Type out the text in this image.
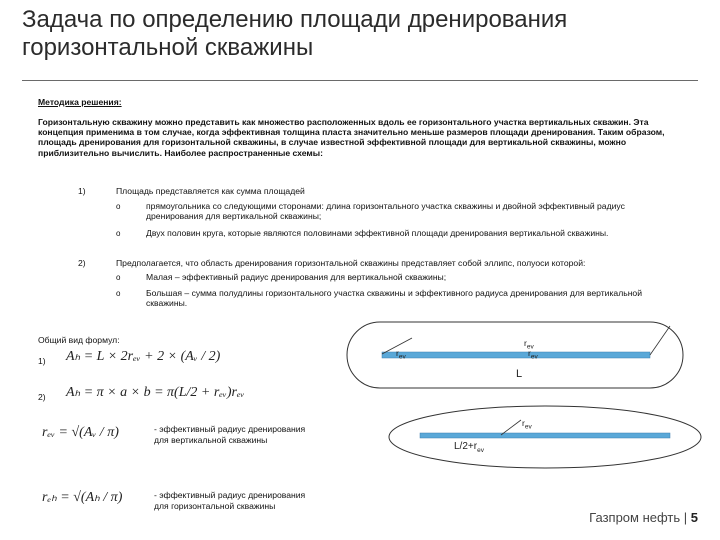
Задача по определению площади дренирования горизонтальной скважины
Методика решения:
Горизонтальную скважину можно представить как множество расположенных вдоль ее горизонтального участка вертикальных скважин. Эта концепция применима в том случае, когда эффективная толщина пласта значительно меньше размеров площади дренирования. Таким образом, площадь дренирования для горизонтальной скважины, в случае известной эффективной площади для вертикальной скважины, можно приблизительно вычислить. Наиболее распространенные схемы:
1)	Площадь представляется как сумма площадей
o	прямоугольника со следующими сторонами: длина горизонтального участка скважины и двойной эффективный радиус дренирования для вертикальной скважины;
o	Двух половин круга, которые являются половинами эффективной площади дренирования вертикальной скважины.
2)	Предполагается, что область дренирования горизонтальной скважины представляет собой эллипс, полуоси которой:
o	Малая – эффективный радиус дренирования для вертикальной скважины;
o	Большая – сумма полудлины горизонтального участка скважины и эффективного радиуса дренирования для вертикальной скважины.
Общий вид формул:
1) Aₕ = L × 2rₑᵥ + 2 × (Aᵥ / 2)
2) Aₕ = π × a × b = π(L/2 + rₑᵥ)rₑᵥ
rₑᵥ = √(Aᵥ / π)	- эффективный радиус дренирования
для вертикальной скважины
rₑₕ = √(Aₕ / π)	- эффективный радиус дренирования
для горизонтальной скважины
$r_{ev}$
$r_{ev}$
$r_{ev}$
L
$r_{ev}$
$L/2+r_{ev}$
Газпром нефть | 5
